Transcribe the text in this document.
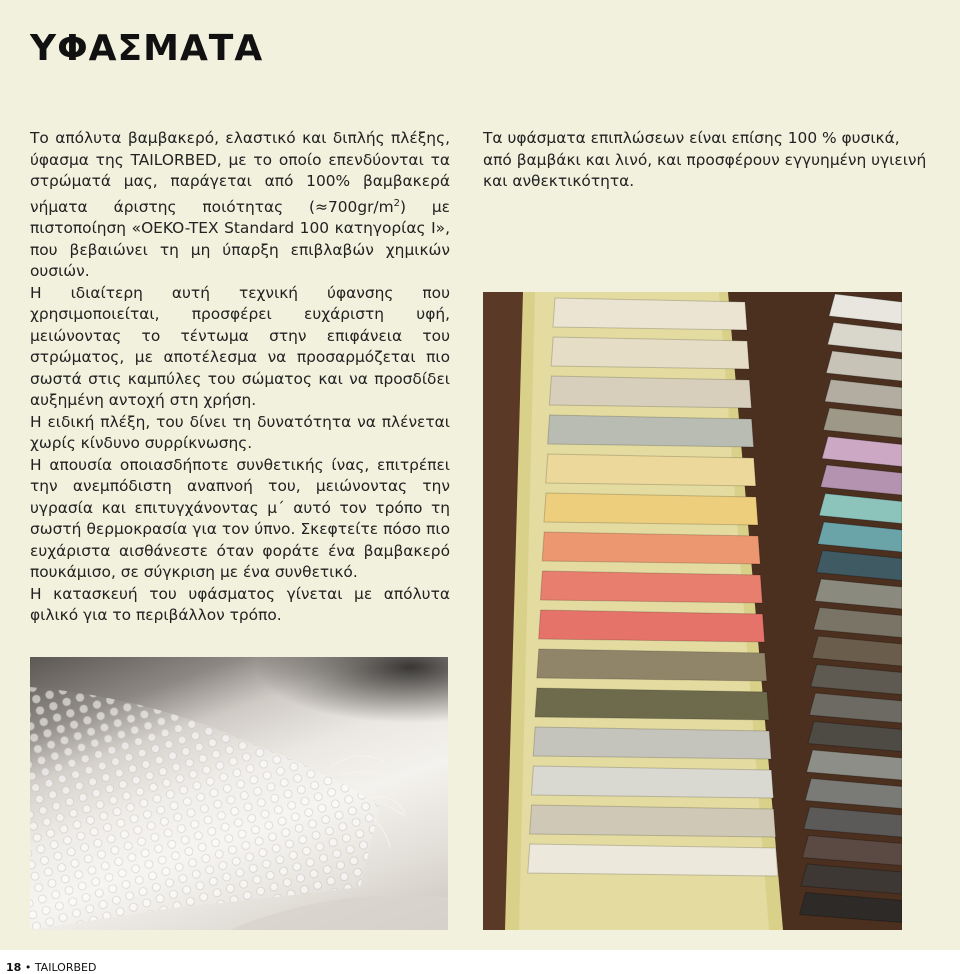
ΥΦΑΣΜΑΤΑ

Το απόλυτα βαμβακερό, ελαστικό και διπλής πλέξης, ύφασμα της TAILORBED, με το οποίο επενδύονται τα στρώματά μας, παράγεται από 100% βαμβακερά νήματα άριστης ποιότητας $(\approx 700gr/m^2)$ με πιστοποίηση «OEKO-TEX Standard 100 κατηγορίας Ι», που βεβαιώνει τη μη ύπαρξη επιβλαβών χημικών ουσιών.

Η ιδιαίτερη αυτή τεχνική ύφανσης που χρησιμοποιείται, προσφέρει ευχάριστη υφή, μειώνοντας το τέντωμα στην επιφάνεια του στρώματος, με αποτέλεσμα να προσαρμόζεται πιο σωστά στις καμπύλες του σώματος και να προσδίδει αυξημένη αντοχή στη χρήση.

Η ειδική πλέξη, του δίνει τη δυνατότητα να πλένεται χωρίς κίνδυνο συρρίκνωσης.

Η απουσία οποιασδήποτε συνθετικής ίνας, επιτρέπει την ανεμπόδιστη αναπνοή του, μειώνοντας την υγρασία και επιτυγχάνοντας μ΄ αυτό τον τρόπο τη σωστή θερμοκρασία για τον ύπνο. Σκεφτείτε πόσο πιο ευχάριστα αισθάνεστε όταν φοράτε ένα βαμβακερό πουκάμισο, σε σύγκριση με ένα συνθετικό.

Η κατασκευή του υφάσματος γίνεται με απόλυτα φιλικό για το περιβάλλον τρόπο.

Τα υφάσματα επιπλώσεων είναι επίσης 100 % φυσικά, από βαμβάκι και λινό, και προσφέρουν εγγυημένη υγιεινή και ανθεκτικότητα.

18 • TAILORBED
